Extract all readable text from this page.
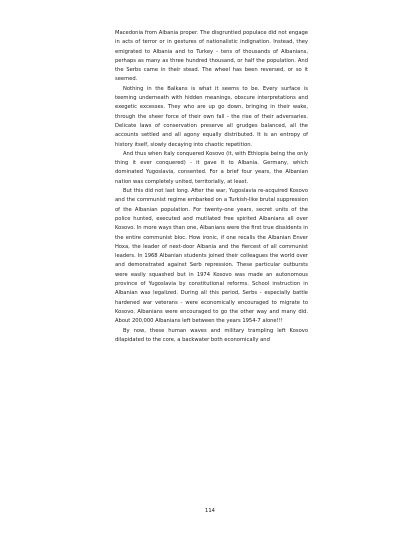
Macedonia from Albania proper. The disgruntled populace did not engage in acts of terror or in gestures of nationalistic indignation. Instead, they emigrated to Albania and to Turkey - tens of thousands of Albanians, perhaps as many as three hundred thousand, or half the population. And the Serbs came in their stead. The wheel has been reversed, or so it seemed.

Nothing in the Balkans is what it seems to be. Every surface is teeming underneath with hidden meanings, obscure interpretations and exegetic excesses. They who are up go down, bringing in their wake, through the sheer force of their own fall - the rise of their adversaries. Delicate laws of conservation preserve all grudges balanced, all the accounts settled and all agony equally distributed. It is an entropy of history itself, slowly decaying into chaotic repetition.

And thus when Italy conquered Kosovo (it, with Ethiopia being the only thing it ever conquered) - it gave it to Albania. Germany, which dominated Yugoslavia, consented. For a brief four years, the Albanian nation was completely united, territorially, at least.

But this did not last long. After the war, Yugoslavia re-acquired Kosovo and the communist regime embarked on a Turkish-like brutal suppression of the Albanian population. For twenty-one years, secret units of the police hunted, executed and mutilated free spirited Albanians all over Kosovo. In more ways than one, Albanians were the first true dissidents in the entire communist bloc. How ironic, if one recalls the Albanian Enver Hoxa, the leader of next-door Albania and the fiercest of all communist leaders. In 1968 Albanian students joined their colleagues the world over and demonstrated against Serb repression. These particular outbursts were easily squashed but in 1974 Kosovo was made an autonomous province of Yugoslavia by constitutional reforms. School instruction in Albanian was legalized. During all this period, Serbs - especially battle hardened war veterans - were economically encouraged to migrate to Kosovo. Albanians were encouraged to go the other way and many did. About 200,000 Albanians left between the years 1954-7 alone!!!

By now, these human waves and military trampling left Kosovo dilapidated to the core, a backwater both economically and

114
